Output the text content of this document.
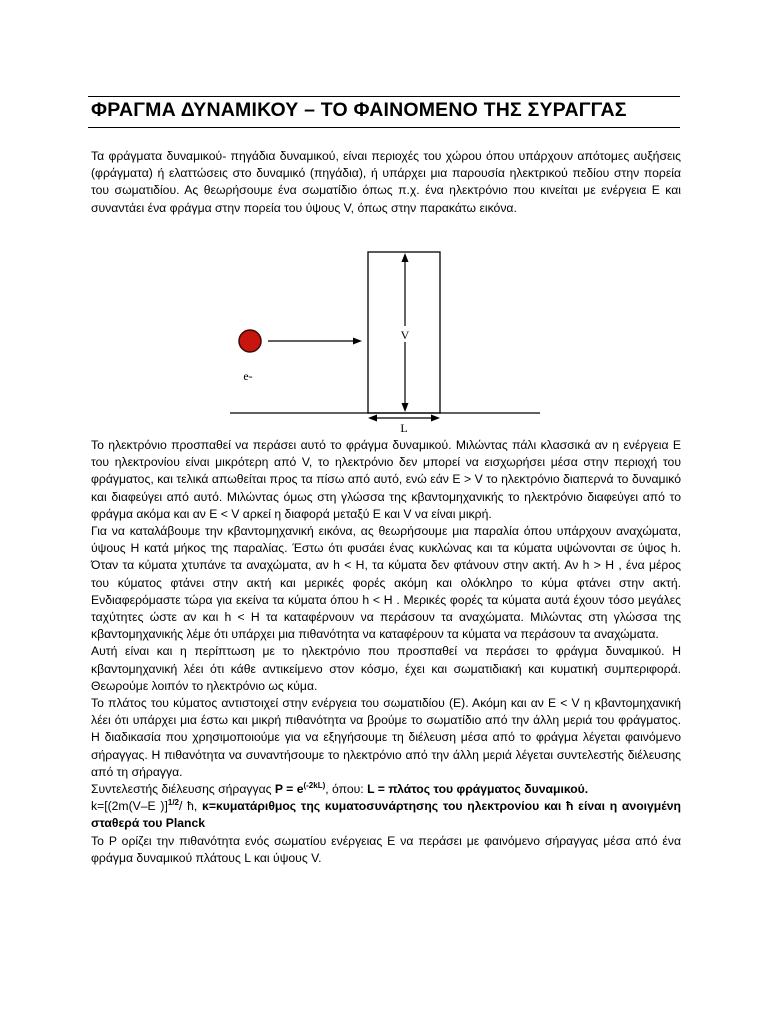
ΦΡΑΓΜΑ ΔΥΝΑΜΙΚΟΥ – ΤΟ ΦΑΙΝΟΜΕΝΟ ΤΗΣ ΣΥΡΑΓΓΑΣ

Τα φράγματα δυναμικού- πηγάδια δυναμικού, είναι περιοχές του χώρου όπου υπάρχουν απότομες αυξήσεις (φράγματα) ή ελαττώσεις στο δυναμικό (πηγάδια), ή υπάρχει μια παρουσία ηλεκτρικού πεδίου στην πορεία του σωματιδίου. Ας θεωρήσουμε ένα σωματίδιο όπως π.χ. ένα ηλεκτρόνιο που κινείται με ενέργεια E και συναντάει ένα φράγμα στην πορεία του ύψους V, όπως στην παρακάτω εικόνα.

V
L
e-

Το ηλεκτρόνιο προσπαθεί να περάσει αυτό το φράγμα δυναμικού. Μιλώντας πάλι κλασσικά αν η ενέργεια E του ηλεκτρονίου είναι μικρότερη από V, το ηλεκτρόνιο δεν μπορεί να εισχωρήσει μέσα στην περιοχή του φράγματος, και τελικά απωθείται προς τα πίσω από αυτό, ενώ εάν E > V το ηλεκτρόνιο διαπερνά το δυναμικό και διαφεύγει από αυτό. Μιλώντας όμως στη γλώσσα της κβαντομηχανικής το ηλεκτρόνιο διαφεύγει από το φράγμα ακόμα και αν E < V αρκεί η διαφορά μεταξύ E και V να είναι μικρή.

Για να καταλάβουμε την κβαντομηχανική εικόνα, ας θεωρήσουμε μια παραλία όπου υπάρχουν αναχώματα, ύψους H κατά μήκος της παραλίας. Έστω ότι φυσάει ένας κυκλώνας και τα κύματα υψώνονται σε ύψος h. Όταν τα κύματα χτυπάνε τα αναχώματα, αν h < H, τα κύματα δεν φτάνουν στην ακτή. Αν h > H , ένα μέρος του κύματος φτάνει στην ακτή και μερικές φορές ακόμη και ολόκληρο το κύμα φτάνει στην ακτή. Ενδιαφερόμαστε τώρα για εκείνα τα κύματα όπου h < H . Μερικές φορές τα κύματα αυτά έχουν τόσο μεγάλες ταχύτητες ώστε αν και h < H τα καταφέρνουν να περάσουν τα αναχώματα. Μιλώντας στη γλώσσα της κβαντομηχανικής λέμε ότι υπάρχει μια πιθανότητα να καταφέρουν τα κύματα να περάσουν τα αναχώματα.

Αυτή είναι και η περίπτωση με το ηλεκτρόνιο που προσπαθεί να περάσει το φράγμα δυναμικού. Η κβαντομηχανική λέει ότι κάθε αντικείμενο στον κόσμο, έχει και σωματιδιακή και κυματική συμπεριφορά. Θεωρούμε λοιπόν το ηλεκτρόνιο ως κύμα.

Το πλάτος του κύματος αντιστοιχεί στην ενέργεια του σωματιδίου (E). Ακόμη και αν E < V η κβαντομηχανική λέει ότι υπάρχει μια έστω και μικρή πιθανότητα να βρούμε το σωματίδιο από την άλλη μεριά του φράγματος. Η διαδικασία που χρησιμοποιούμε για να εξηγήσουμε τη διέλευση μέσα από το φράγμα λέγεται φαινόμενο σήραγγας. Η πιθανότητα να συναντήσουμε το ηλεκτρόνιο από την άλλη μεριά λέγεται συντελεστής διέλευσης από τη σήραγγα.

Συντελεστής διέλευσης σήραγγας $P = e^{(-2kL)}$, όπου: L = πλάτος του φράγματος δυναμικού.

k=[(2m(V–E )]$^{1/2}$/ ħ, κ=κυματάριθμος της κυματοσυνάρτησης του ηλεκτρονίου και ħ είναι η ανοιγμένη σταθερά του Planck

Το P ορίζει την πιθανότητα ενός σωματίου ενέργειας E να περάσει με φαινόμενο σήραγγας μέσα από ένα φράγμα δυναμικού πλάτους L και ύψους V.
